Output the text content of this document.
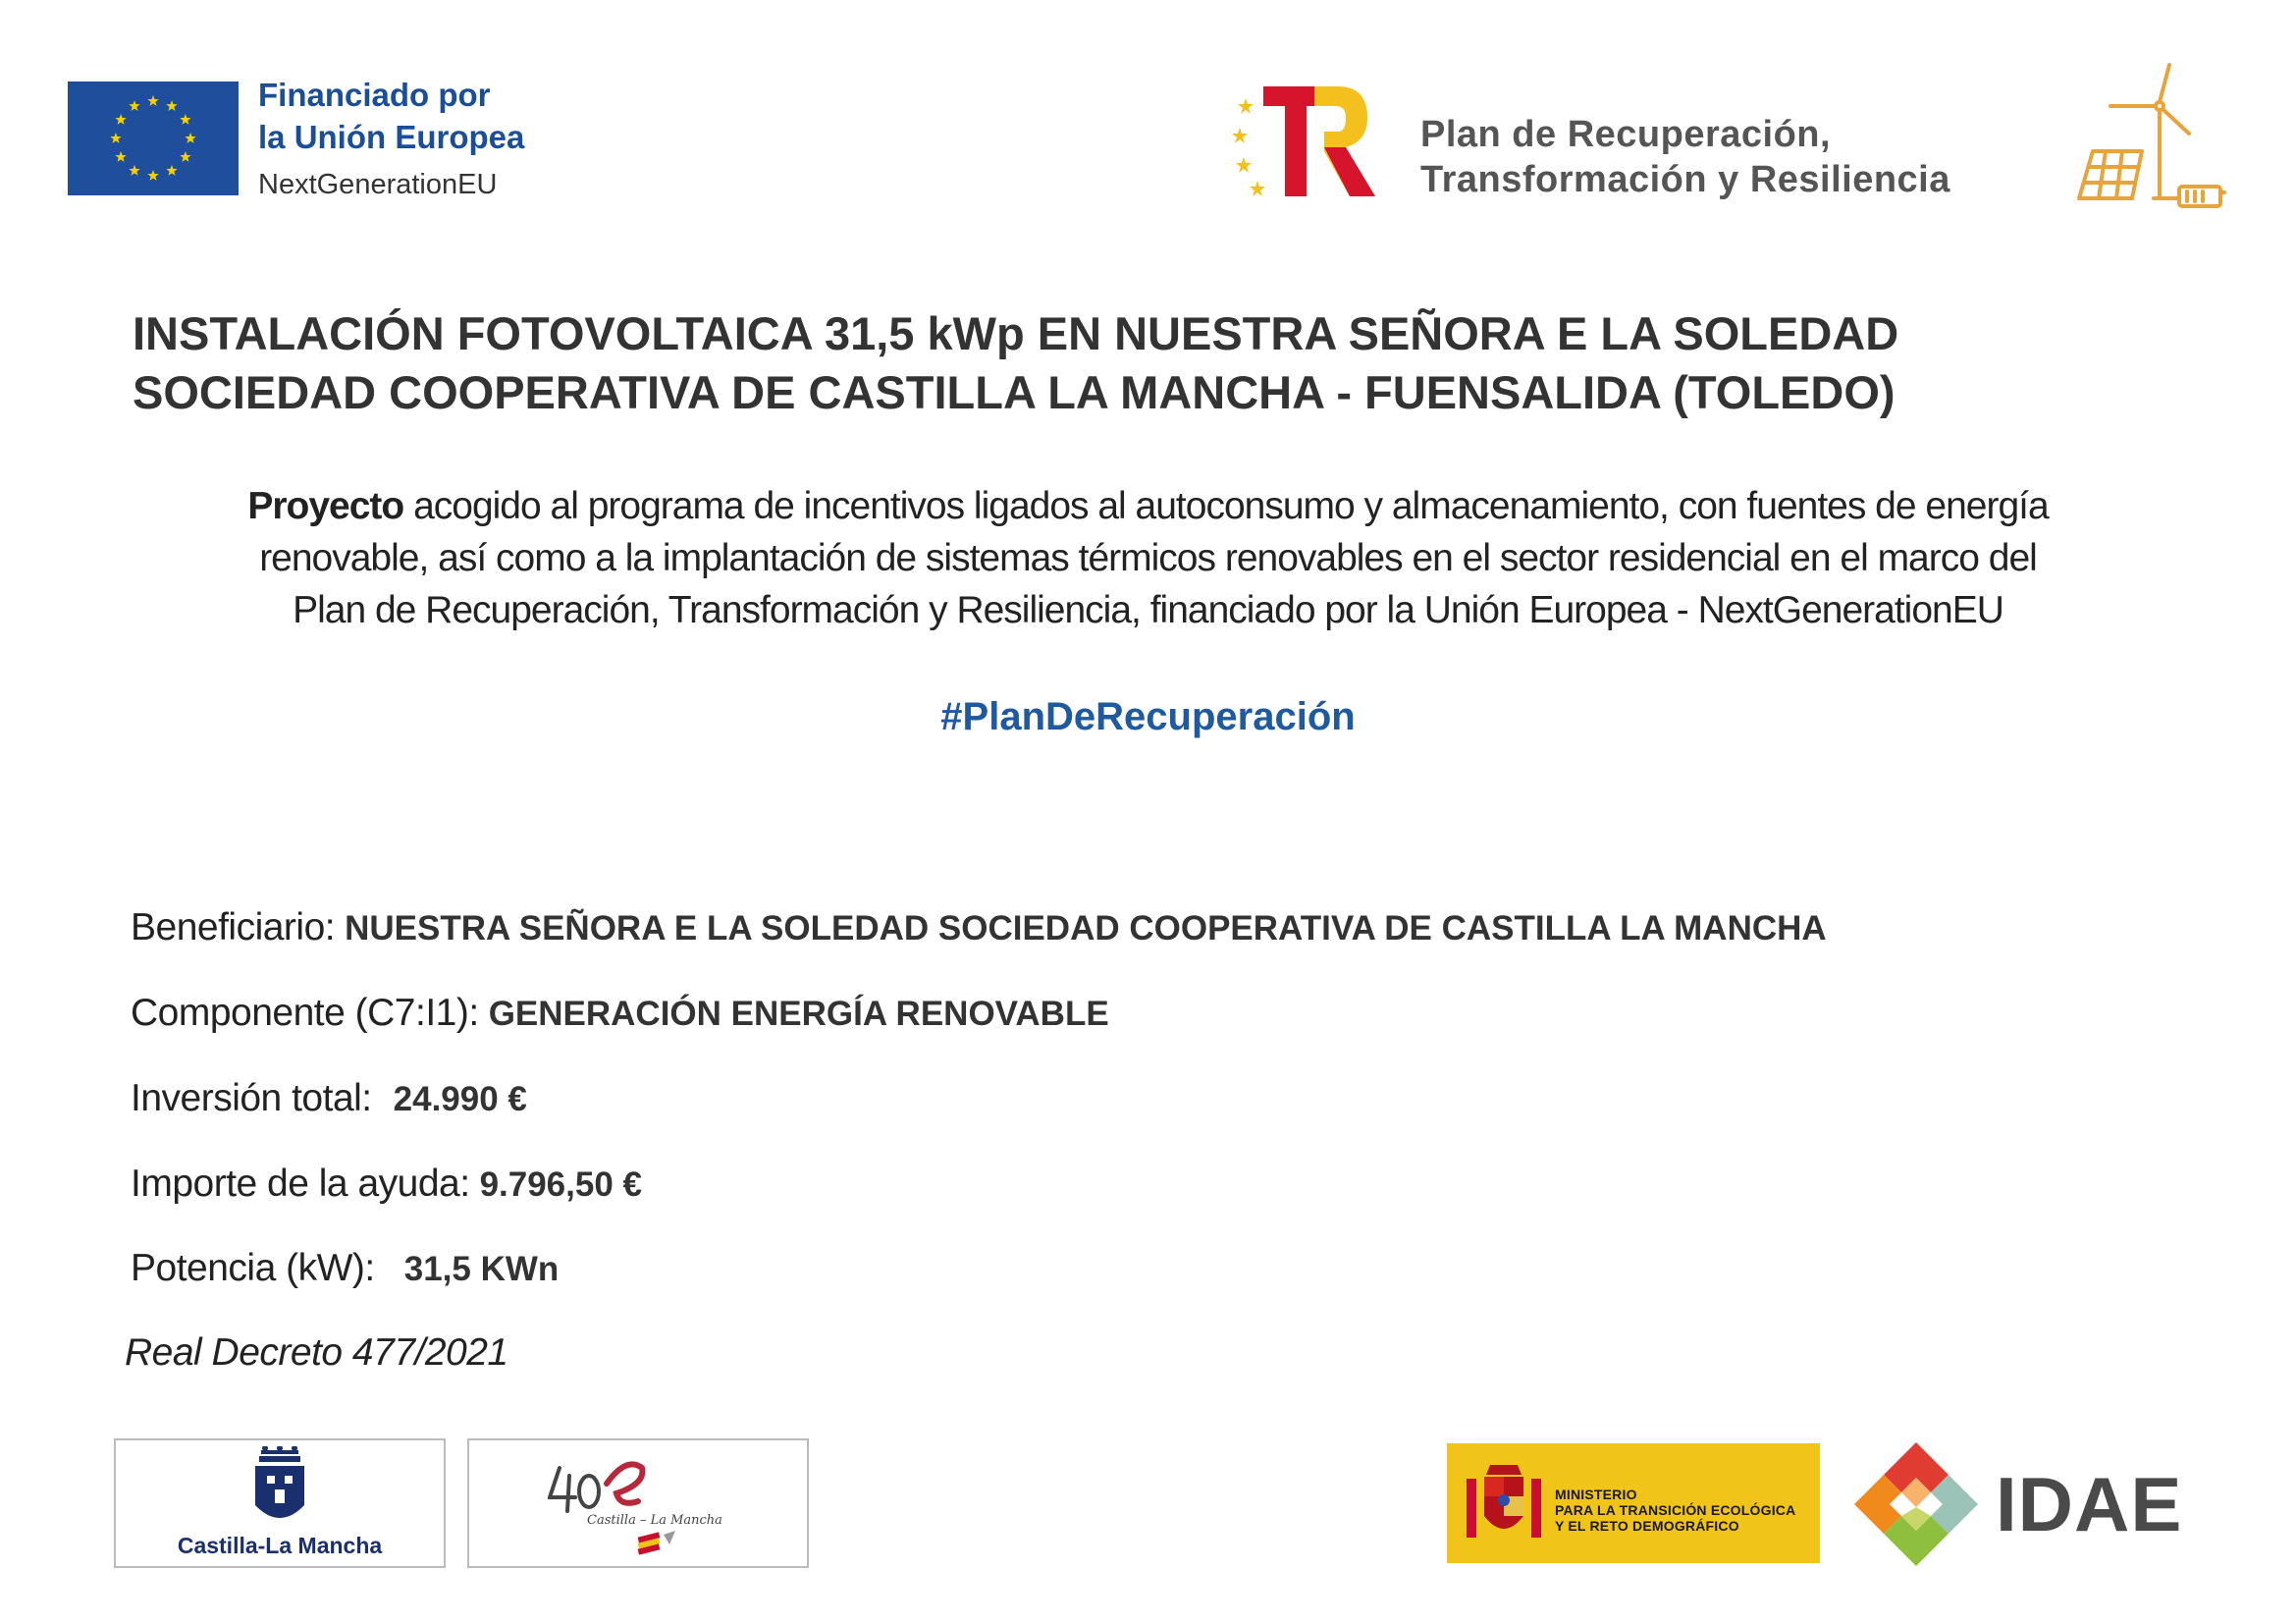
Financiado por
la Unión Europea
NextGenerationEU
Plan de Recuperación,
Transformación y Resiliencia
INSTALACIÓN FOTOVOLTAICA 31,5 kWp EN NUESTRA SEÑORA E LA SOLEDAD
SOCIEDAD COOPERATIVA DE CASTILLA LA MANCHA - FUENSALIDA (TOLEDO)
Proyecto acogido al programa de incentivos ligados al autoconsumo y almacenamiento, con fuentes de energía
renovable, así como a la implantación de sistemas térmicos renovables en el sector residencial en el marco del
Plan de Recuperación, Transformación y Resiliencia, financiado por la Unión Europea - NextGenerationEU
#PlanDeRecuperación
Beneficiario: NUESTRA SEÑORA E LA SOLEDAD SOCIEDAD COOPERATIVA DE CASTILLA LA MANCHA
Componente (C7:I1): GENERACIÓN ENERGÍA RENOVABLE
Inversión total: 24.990 €
Importe de la ayuda: 9.796,50 €
Potencia (kW): 31,5 KWn
Real Decreto 477/2021
Castilla-La Mancha
Castilla – La Mancha
MINISTERIO
PARA LA TRANSICIÓN ECOLÓGICA
Y EL RETO DEMOGRÁFICO	IDAE
